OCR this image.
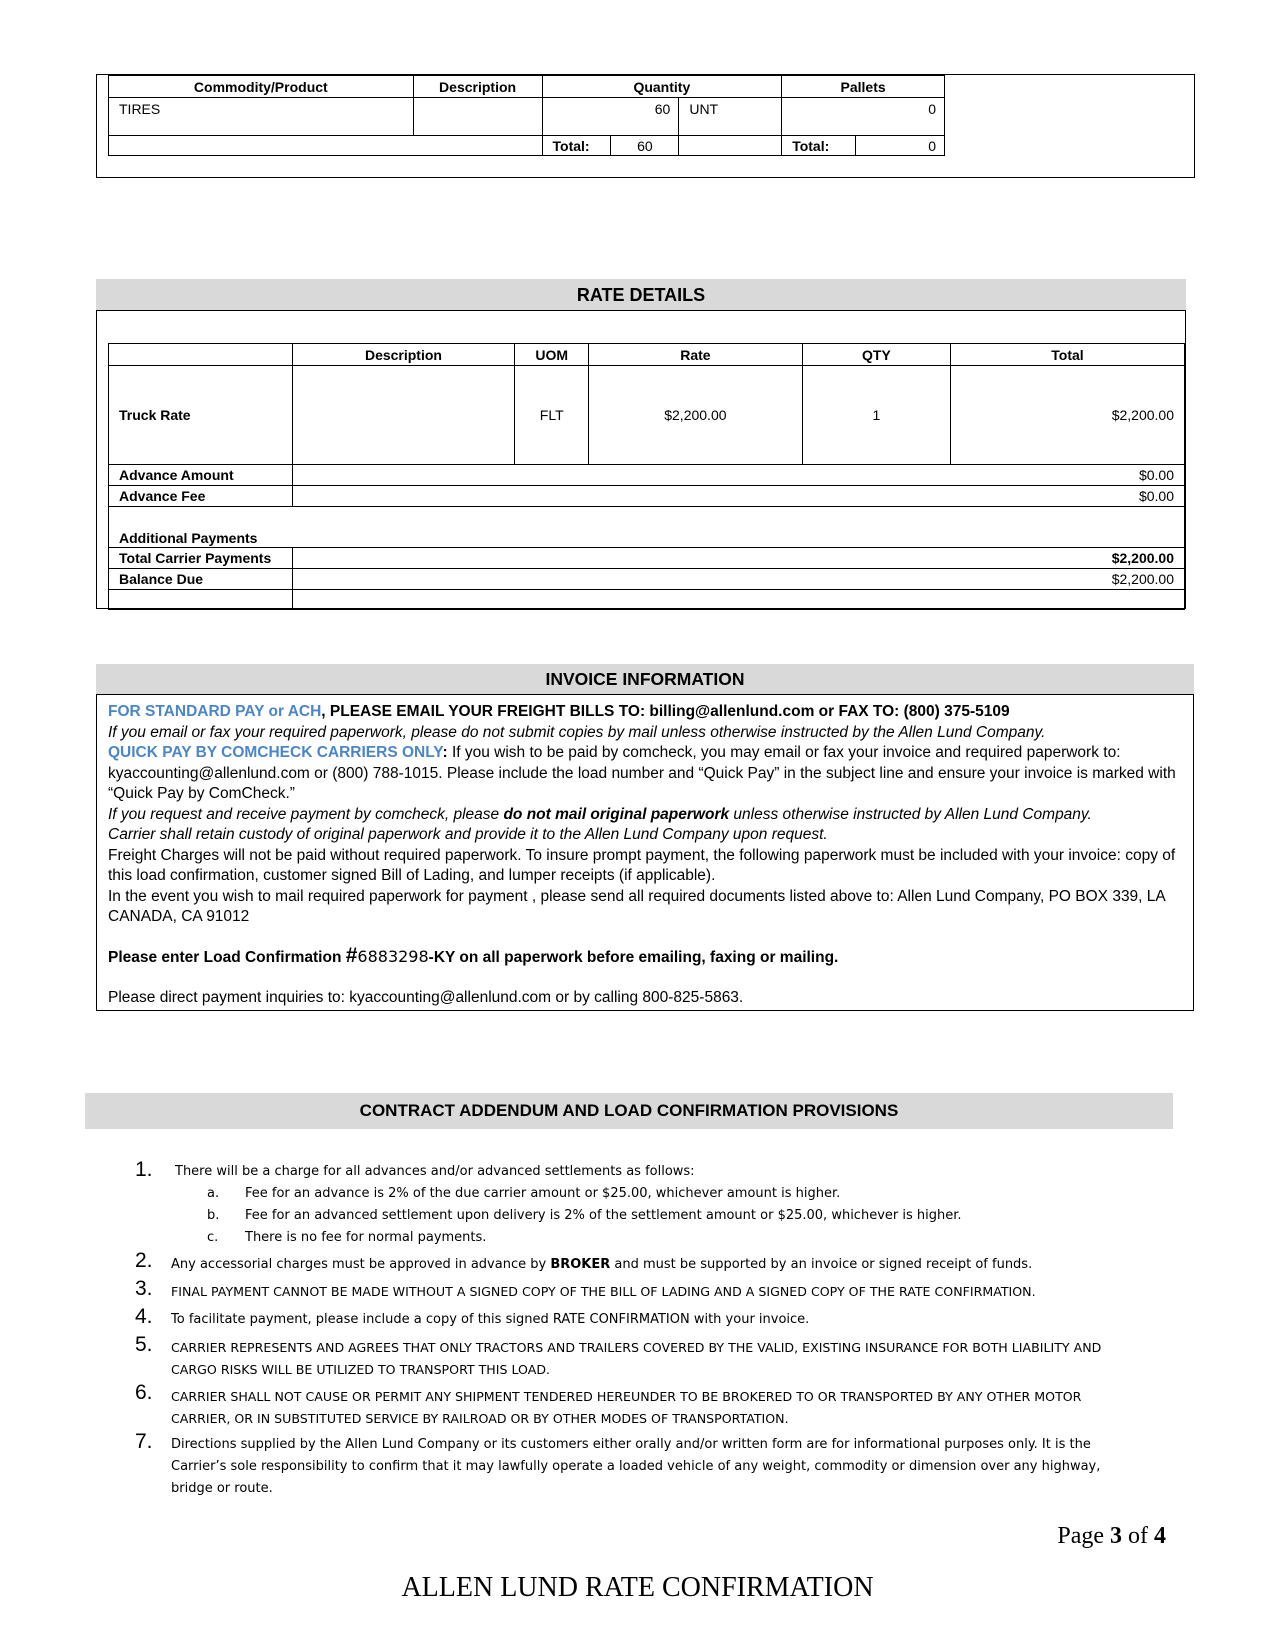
Commodity/Product	Description	Quantity			Pallets	
TIRES		60		UNT	0	
		Total:	60		Total:	0
RATE DETAILS
	Description	UOM	Rate	QTY	Total
Truck Rate		FLT	$2,200.00	1	$2,200.00
Advance Amount	$0.00				
Advance Fee	$0.00				
Additional Payments					
Total Carrier Payments	$2,200.00				
Balance Due	$2,200.00				

INVOICE INFORMATION

FOR STANDARD PAY or ACH, PLEASE EMAIL YOUR FREIGHT BILLS TO: billing@allenlund.com or FAX TO: (800) 375-5109

If you email or fax your required paperwork, please do not submit copies by mail unless otherwise instructed by the Allen Lund Company.

QUICK PAY BY COMCHECK CARRIERS ONLY: If you wish to be paid by comcheck, you may email or fax your invoice and required paperwork to: kyaccounting@allenlund.com or (800) 788-1015. Please include the load number and “Quick Pay” in the subject line and ensure your invoice is marked with “Quick Pay by ComCheck.”

If you request and receive payment by comcheck, please do not mail original paperwork unless otherwise instructed by Allen Lund Company.

Carrier shall retain custody of original paperwork and provide it to the Allen Lund Company upon request.

Freight Charges will not be paid without required paperwork. To insure prompt payment, the following paperwork must be included with your invoice: copy of this load confirmation, customer signed Bill of Lading, and lumper receipts (if applicable).

In the event you wish to mail required paperwork for payment , please send all required documents listed above to: Allen Lund Company, PO BOX 339, LA CANADA, CA 91012

Please enter Load Confirmation #6883298-KY on all paperwork before emailing, faxing or mailing.

Please direct payment inquiries to: kyaccounting@allenlund.com or by calling 800-825-5863.

CONTRACT ADDENDUM AND LOAD CONFIRMATION PROVISIONS
1. There will be a charge for all advances and/or advanced settlements as follows:
a. Fee for an advance is 2% of the due carrier amount or $25.00, whichever amount is higher.
b. Fee for an advanced settlement upon delivery is 2% of the settlement amount or $25.00, whichever is higher.
c. There is no fee for normal payments.
2. Any accessorial charges must be approved in advance by BROKER and must be supported by an invoice or signed receipt of funds.
3. FINAL PAYMENT CANNOT BE MADE WITHOUT A SIGNED COPY OF THE BILL OF LADING AND A SIGNED COPY OF THE RATE CONFIRMATION.
4. To facilitate payment, please include a copy of this signed RATE CONFIRMATION with your invoice.
5. CARRIER REPRESENTS AND AGREES THAT ONLY TRACTORS AND TRAILERS COVERED BY THE VALID, EXISTING INSURANCE FOR BOTH LIABILITY AND
CARGO RISKS WILL BE UTILIZED TO TRANSPORT THIS LOAD.
6. CARRIER SHALL NOT CAUSE OR PERMIT ANY SHIPMENT TENDERED HEREUNDER TO BE BROKERED TO OR TRANSPORTED BY ANY OTHER MOTOR
CARRIER, OR IN SUBSTITUTED SERVICE BY RAILROAD OR BY OTHER MODES OF TRANSPORTATION.
7. Directions supplied by the Allen Lund Company or its customers either orally and/or written form are for informational purposes only. It is the
Carrier’s sole responsibility to confirm that it may lawfully operate a loaded vehicle of any weight, commodity or dimension over any highway,
bridge or route.
Page 3 of 4
ALLEN LUND RATE CONFIRMATION
